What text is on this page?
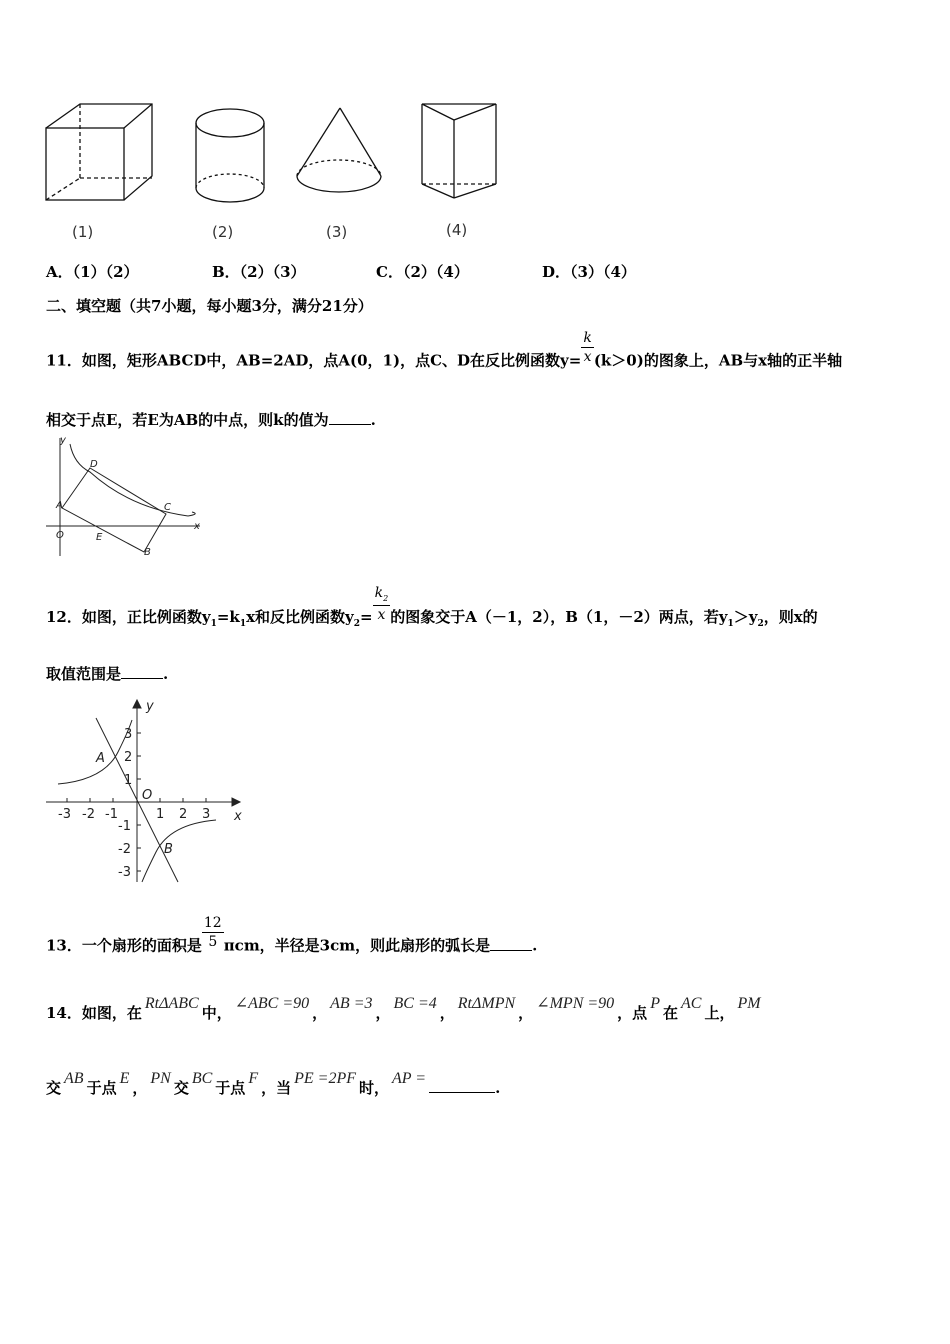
(1)	(2)	(3)	(4)
A．（1）（2）	B．（2）（3）	C．（2）（4）	D．（3）（4）
二、填空题（共7小题，每小题3分，满分21分）
11．如图，矩形ABCD中，AB=2AD，点A(0，1)，点C、D在反比例函数$y= \frac{k}{x} (k>0)$的图象上，AB与x轴的正半轴
相交于点E，若E为AB的中点，则k的值为	.
y
x
D
A	C
O	E
B
12．如图，正比例函数$y_1=k_1x$和反比例函数$y_2= \frac{k_2}{x}$ 的图象交于A（－1，2），B（1，－2）两点，若$y_1>y_2$，则x的
取值范围是	.
y
x
O
A
B
3
2
1
-1
-2
-3
-3 -2 -1	1 2 3
13．一个扇形的面积是 $\frac{12}{5}$ πcm，半径是3cm，则此扇形的弧长是	.
14．如图，在RtΔABC中，∠ABC =90，AB =3，BC =4，RtΔMPN，∠MPN =90，点P在AC上，PM
交AB于点E，PN交BC于点F，当PE =2PF时，AP =.
